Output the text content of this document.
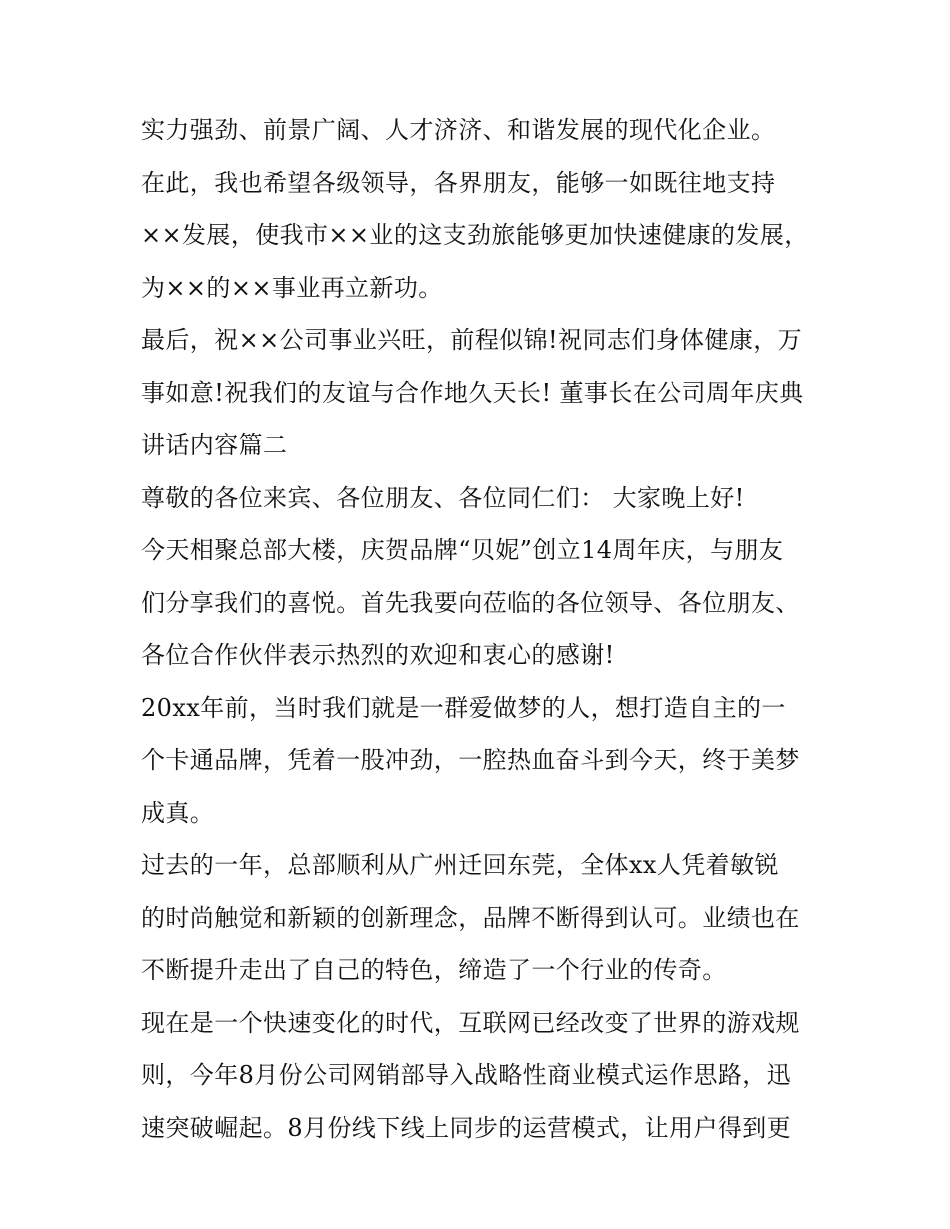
实力强劲、前景广阔、人才济济、和谐发展的现代化企业。
在此，我也希望各级领导，各界朋友，能够一如既往地支持
××发展，使我市××业的这支劲旅能够更加快速健康的发展，
为××的××事业再立新功。
最后，祝××公司事业兴旺，前程似锦!祝同志们身体健康，万
事如意!祝我们的友谊与合作地久天长! 董事长在公司周年庆典
讲话内容篇二
尊敬的各位来宾、各位朋友、各位同仁们： 大家晚上好!
今天相聚总部大楼，庆贺品牌“贝妮”创立14周年庆，与朋友
们分享我们的喜悦。首先我要向莅临的各位领导、各位朋友、
各位合作伙伴表示热烈的欢迎和衷心的感谢!
20xx年前，当时我们就是一群爱做梦的人，想打造自主的一
个卡通品牌，凭着一股冲劲，一腔热血奋斗到今天，终于美梦
成真。
过去的一年，总部顺利从广州迁回东莞，全体xx人凭着敏锐
的时尚触觉和新颖的创新理念，品牌不断得到认可。业绩也在
不断提升走出了自己的特色，缔造了一个行业的传奇。
现在是一个快速变化的时代，互联网已经改变了世界的游戏规
则，今年8月份公司网销部导入战略性商业模式运作思路，迅
速突破崛起。8月份线下线上同步的运营模式，让用户得到更
